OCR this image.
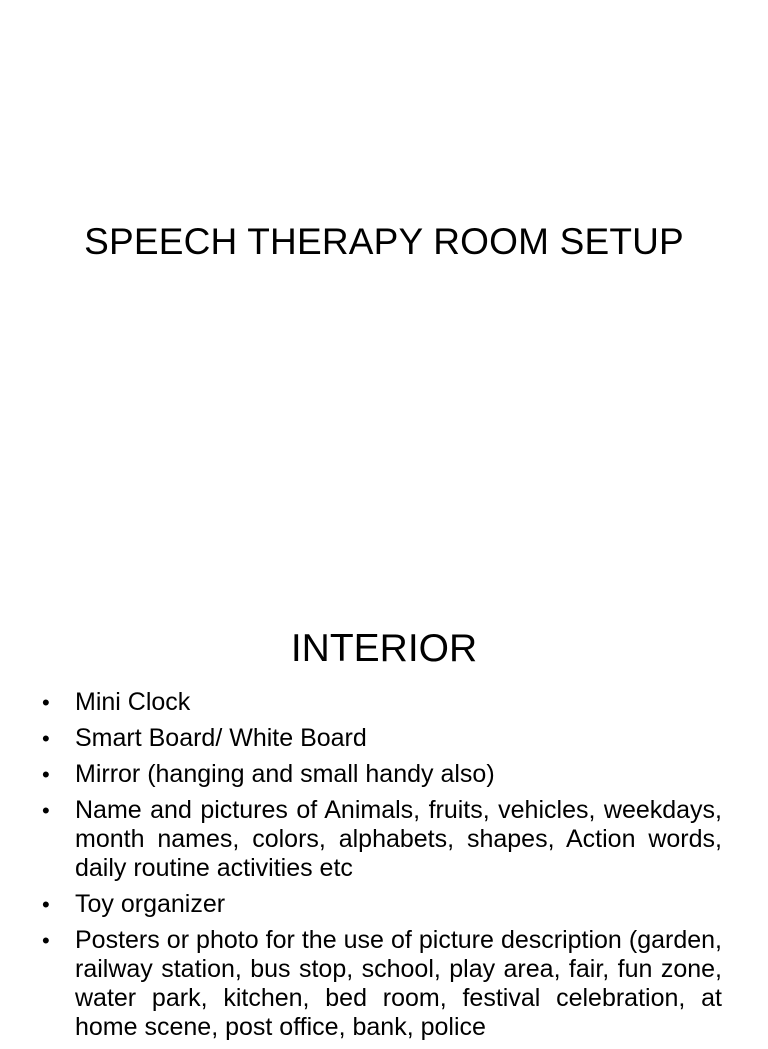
SPEECH THERAPY ROOM SETUP
INTERIOR
•	Mini Clock
•	Smart Board/ White Board
•	Mirror (hanging and small handy also)
•	Name and pictures of Animals, fruits, vehicles, weekdays, month names, colors, alphabets, shapes, Action words, daily routine activities etc
•	Toy organizer
•	Posters or photo for the use of picture description (garden, railway station, bus stop, school, play area, fair, fun zone, water park, kitchen, bed room, festival celebration, at home scene, post office, bank, police
